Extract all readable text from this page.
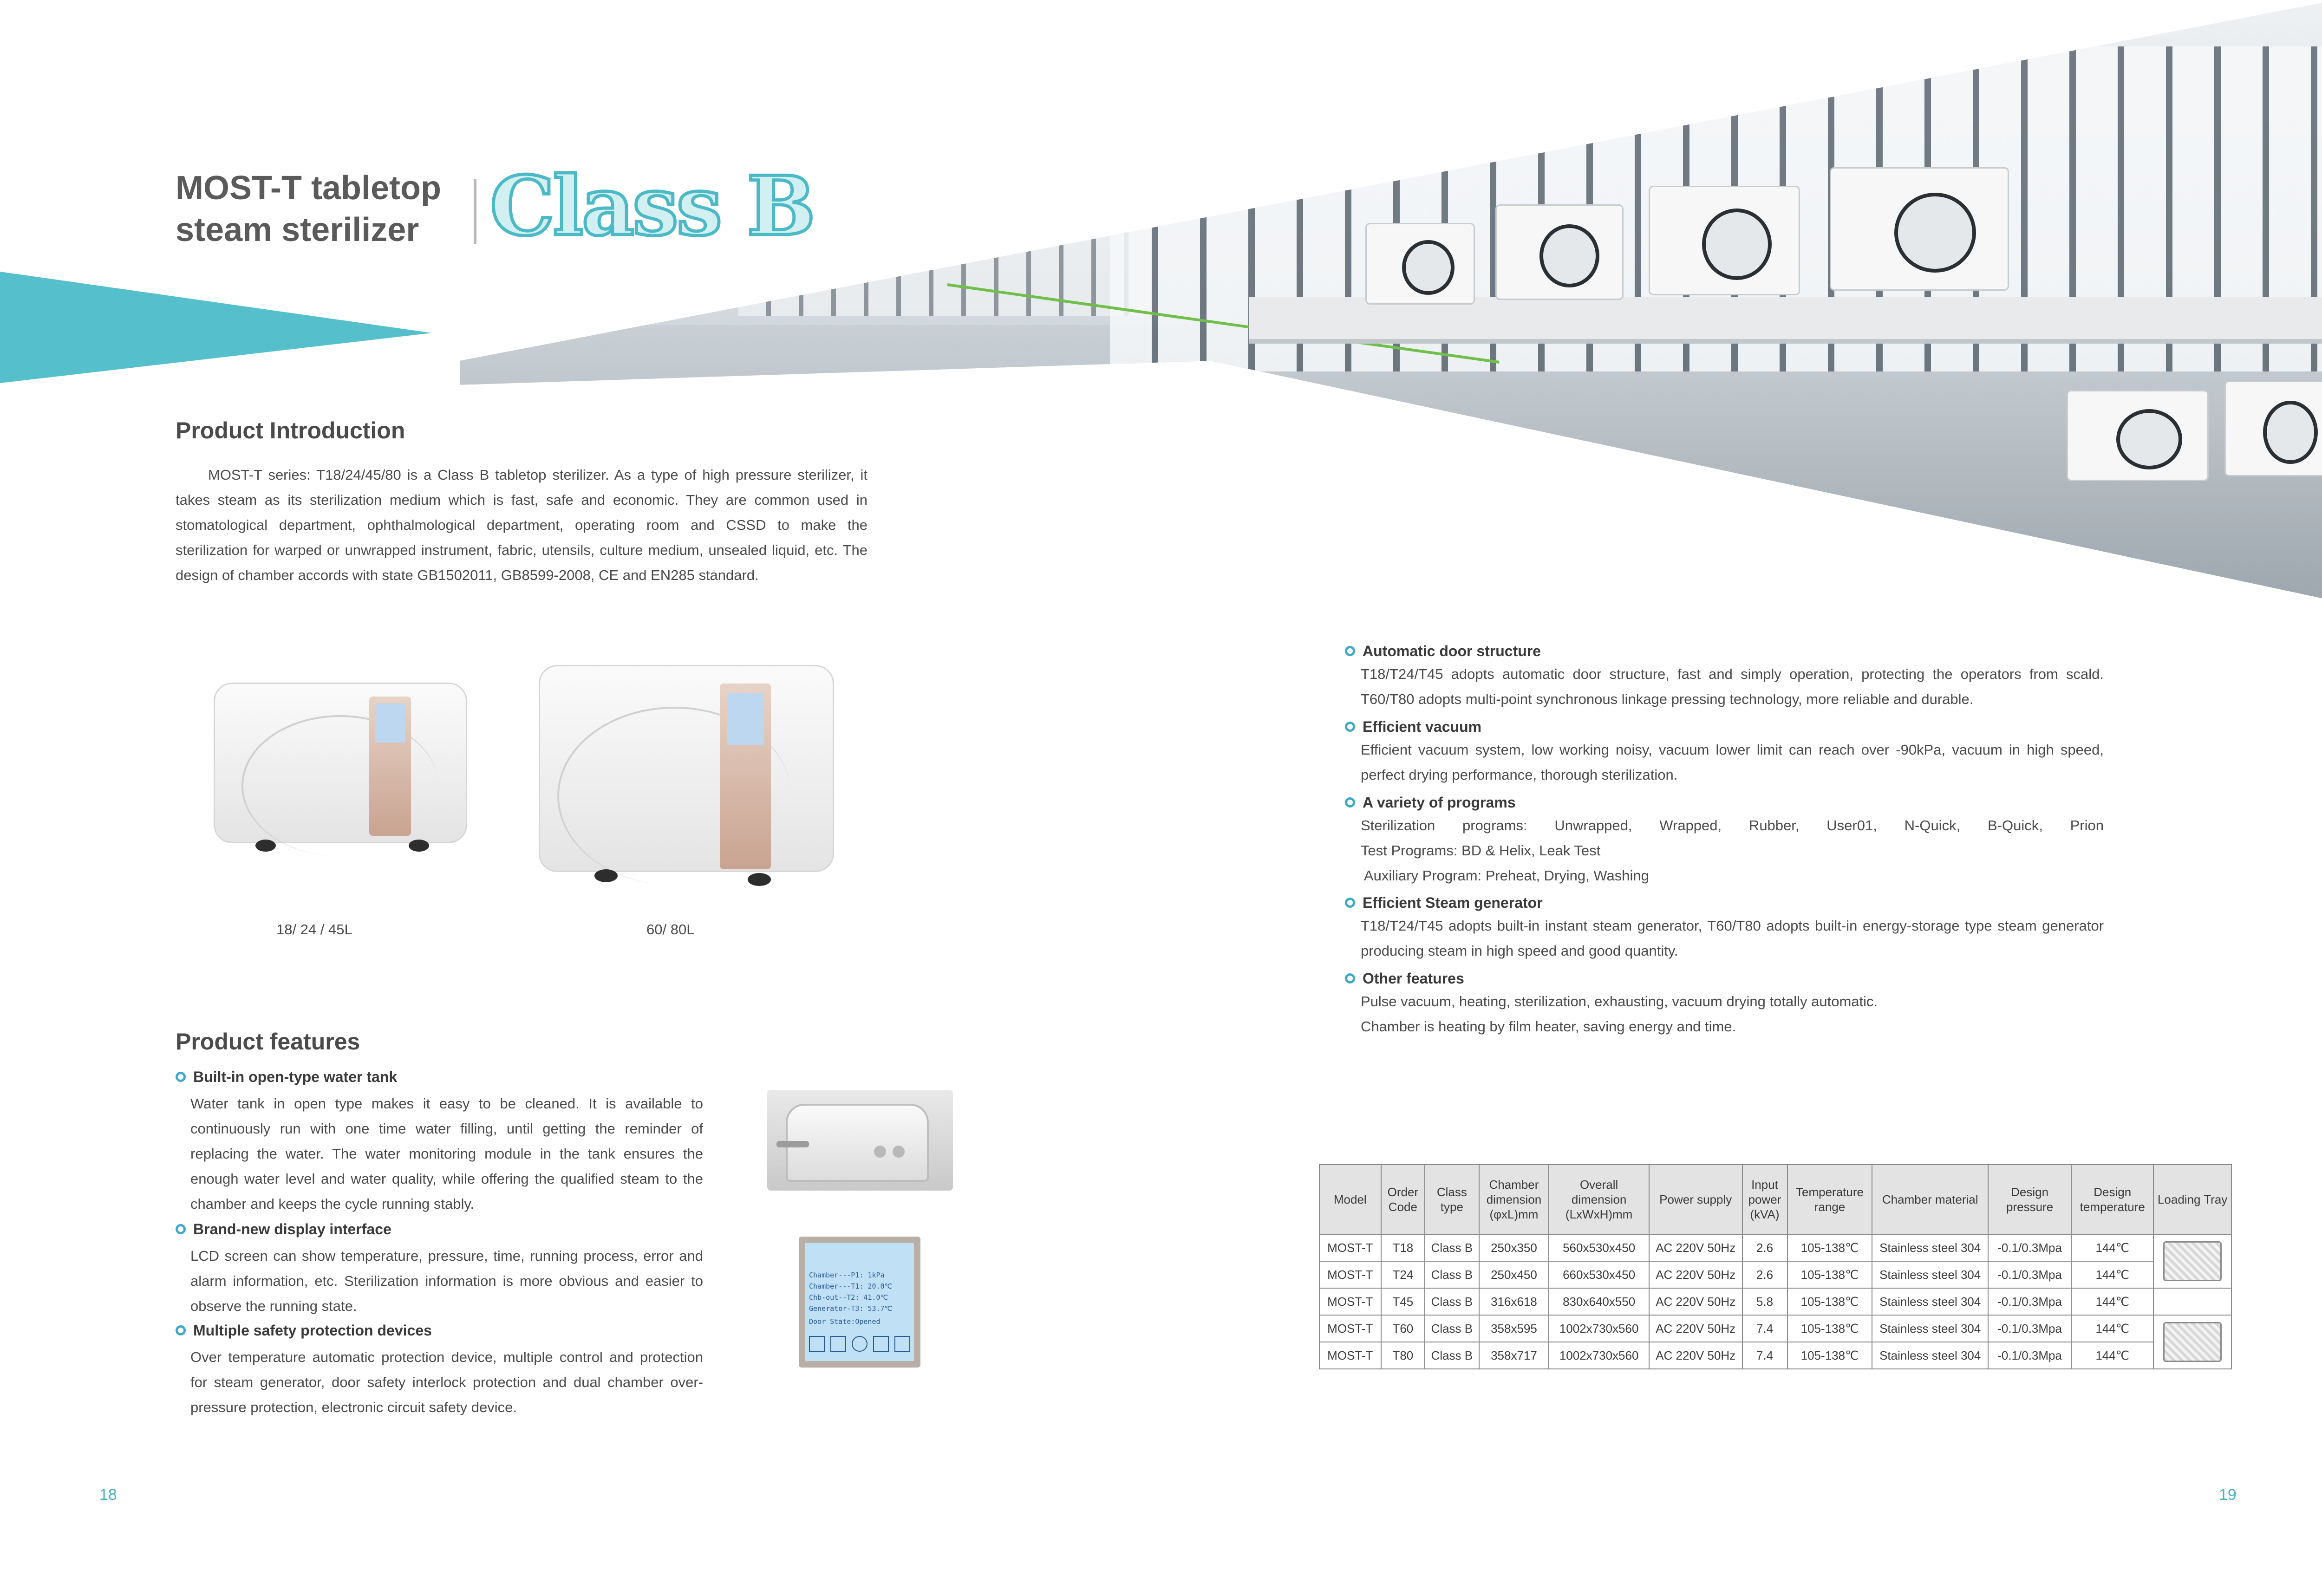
MOST-T tabletop
steam sterilizer Class B
Product Introduction
MOST-T series: T18/24/45/80 is a Class B tabletop sterilizer. As a type of high pressure sterilizer, it takes steam as its sterilization medium which is fast, safe and economic. They are common used in stomatological department, ophthalmological department, operating room and CSSD to make the sterilization for warped or unwrapped instrument, fabric, utensils, culture medium, unsealed liquid, etc. The design of chamber accords with state GB1502011, GB8599-2008, CE and EN285 standard.
18/ 24 / 45L	60/ 80L
Product features
Built-in open-type water tank
Water tank in open type makes it easy to be cleaned. It is available to continuously run with one time water filling, until getting the reminder of replacing the water. The water monitoring module in the tank ensures the enough water level and water quality, while offering the qualified steam to the chamber and keeps the cycle running stably.
Brand-new display interface
LCD screen can show temperature, pressure, time, running process, error and alarm information, etc. Sterilization information is more obvious and easier to observe the running state.
Multiple safety protection devices
Over temperature automatic protection device, multiple control and protection for steam generator, door safety interlock protection and dual chamber over-pressure protection, electronic circuit safety device.
Chamber---P1: 1kPa
Chamber---T1: 20.0℃
Chb-out--T2: 41.0℃
Generator-T3: 53.7℃
Door State:Opened
Automatic door structure
T18/T24/T45 adopts automatic door structure, fast and simply operation, protecting the operators from scald. T60/T80 adopts multi-point synchronous linkage pressing technology, more reliable and durable.
Efficient vacuum
Efficient vacuum system, low working noisy, vacuum lower limit can reach over -90kPa, vacuum in high speed, perfect drying performance, thorough sterilization.
A variety of programs
Sterilization programs: Unwrapped, Wrapped, Rubber, User01, N-Quick, B-Quick, Prion
Test Programs: BD & Helix, Leak Test
Auxiliary Program: Preheat, Drying, Washing
Efficient Steam generator
T18/T24/T45 adopts built-in instant steam generator, T60/T80 adopts built-in energy-storage type steam generator producing steam in high speed and good quantity.
Other features
Pulse vacuum, heating, sterilization, exhausting, vacuum drying totally automatic.
Chamber is heating by film heater, saving energy and time.
Model	Order Code	Class type	Chamber dimension (φxL)mm	Overall dimension (LxWxH)mm	Power supply	Input power (kVA)	Temperature range	Chamber material	Design pressure	Design temperature	Loading Tray
MOST-T	T18	Class B	250x350	560x530x450	AC 220V 50Hz	2.6	105-138℃	Stainless steel 304	-0.1/0.3Mpa	144℃	

MOST-T	T24	Class B	250x450	660x530x450	AC 220V 50Hz	2.6	105-138℃	Stainless steel 304	-0.1/0.3Mpa	144℃	
MOST-T	T45	Class B	316x618	830x640x550	AC 220V 50Hz	5.8	105-138℃	Stainless steel 304	-0.1/0.3Mpa	144℃	
MOST-T	T60	Class B	358x595	1002x730x560	AC 220V 50Hz	7.4	105-138℃	Stainless steel 304	-0.1/0.3Mpa	144℃	

MOST-T	T80	Class B	358x717	1002x730x560	AC 220V 50Hz	7.4	105-138℃	Stainless steel 304	-0.1/0.3Mpa	144℃	
18	19
